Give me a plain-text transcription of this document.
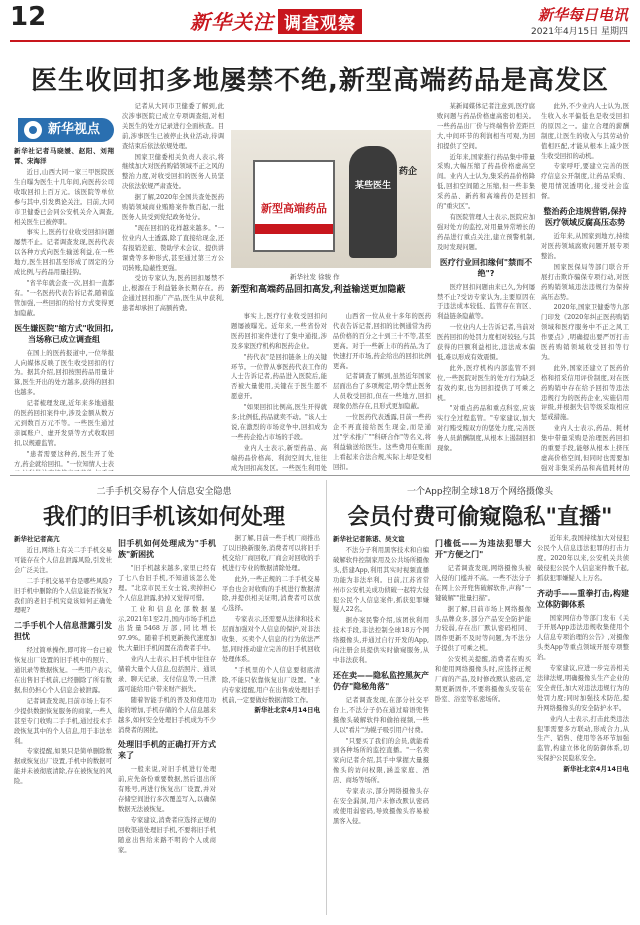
12	新华关注 调查观察	新华每日电讯
2021年4月15日 星期四
医生收回扣多地屡禁不绝,新型高端药品是高发区
新华视点
新华社记者马晓媛、赵阳、刘翔霄、宋海洋

近日,山西大同一家三甲医院医生自曝为医生十几年间,向医药公司收取回扣上百万元。该医院等单位参与其中,引发舆论关注。目前,大同市卫健委已会同公安机关介入调查,相关医生已被停职。

事实上,医药行业收受回扣问题屡禁不止。记者调查发现,医药代表以各种方式向医生输送利益,在一些地方,医生回扣甚至形成了固定的分成比例,与药品用量挂钩。

"省半年就会查一次,回扣一直都有。"一名医药代表告诉记者,随着监管加强,一些回扣的给付方式变得更加隐蔽。

医生嫌医院"缩方式"收回扣,当场称已成立调查组

在国上的医药报道中,一位举报人向媒体反映了医生收受回扣的行为。据其介绍,回扣按照药品用量计算,医生开出的处方越多,获得的回扣也越多。

记者梳理发现,近年来多地通报的医药回扣案件中,涉及金额从数万元到数百万元不等。一些医生通过亲属账户、虚开发票等方式收取回扣,以规避监管。

"患者需要这种药,医生开了处方,药企就给回扣。"一位知情人士表

记者从大同市卫健委了解到,此次涉事医院已成立专项调查组,对相关医生的处方记录进行全面核查。目前,涉事医生已被停止执业活动,待调查结束后依法依规处理。

国家卫健委相关负责人表示,将继续加大对医药购销领域不正之风的整治力度,对收受回扣的医务人员坚决依法依规严肃查处。

据了解,2020年全国共查处医药购销领域商业贿赂案件数百起,一批医务人员受到党纪政务处分。

"现在回扣的花样越来越多。"一位业内人士透露,除了直接给现金,还有报销差旅、赞助学术会议、提供讲课费等多种形式,甚至通过第三方公司转账,隐蔽性更强。

受访专家认为,医药回扣屡禁不止,根源在于利益链条长期存在。药企通过回扣推广产品,医生从中获利,患者却承担了高额药费。

新型高端药品
某些医生
药企
新华社发 徐骏 作
新型和高端药品回扣高发,利益输送更加隐蔽

事实上,医疗行业收受回扣问题屡被曝光。近年来,一些省份对医药回扣案件进行了集中通报,涉及多家医疗机构和医药企业。

"药代表"是回扣链条上的关键环节。一位曾从事医药代表工作的人士告诉记者,药品进入医院后,能否被大量使用,关键在于医生愿不愿意开。

"如果回扣比例高,医生开得就多;比例低,药品就卖不动。"该人士说,在激烈的市场竞争中,回扣成为一些药企抢占市场的手段。

业内人士表示,新型药品、高端药品价格高、利润空间大,往往成为回扣高发区。一些医生利用处

山西省一位从业十多年的医药代表告诉记者,回扣的比例通常为药品价格的百分之十到三十不等,甚至更高。对于一些新上市的药品,为了快速打开市场,药企给出的回扣比例更高。

记者调查了解到,虽然近年国家层面出台了多项规定,明令禁止医务人员收受回扣,但在一些地方,回扣现象仍然存在,且形式更加隐蔽。

一位医药代表透露,目前一些药企不再直接给医生现金,而是通过"学术推广""科研合作"等名义,将利益输送给医生。这些费用在账面上看起来合法合规,实际上却是变相回扣。

某新闻媒体记者注意到,医疗腐败问题与药品价格虚高密切相关。一些药品出厂价与终端售价差距巨大,中间环节的利润相当可观,为回扣提供了空间。

近年来,国家推行药品集中带量采购,大幅压缩了药品价格虚高空间。业内人士认为,集采药品价格降低,回扣空间随之压缩,但一些非集采药品、新药和高端药仍是回扣的"重灾区"。

有医院管理人士表示,医院应加强对处方的监控,对用量异常增长的药品进行重点关注,建立预警机制,及时发现问题。

医疗行业回扣缘何"禁而不绝"?

医疗回扣问题由来已久,为何屡禁不止?受访专家认为,主要原因在于违法成本较低、监管存在盲区、利益链条隐蔽等。

一位业内人士告诉记者,当前对医药回扣的处罚力度相对较轻,与其获得的巨额利益相比,违法成本偏低,难以形成有效震慑。

此外,医疗机构内部监管不到位,一些医院对医生的处方行为缺乏有效约束,也为回扣提供了可乘之机。

"对重点药品和重点科室,应该实行全过程监管。"专家建议,加大对行贿受贿双方的惩处力度,完善医务人员薪酬制度,从根本上遏制回扣现象。

此外,不少业内人士认为,医生收入水平偏低也是收受回扣的原因之一。建立合理的薪酬制度,让医生的收入与其劳动价值相匹配,才能从根本上减少医生收受回扣的动机。

专家呼吁,要建立完善的医疗信息公开制度,让药品采购、使用情况透明化,接受社会监督。

整治药企违规营销,保持医疗领域反腐高压态势

近年来,从国家到地方,持续对医药领域腐败问题开展专项整治。

国家医保局等部门联合开展打击欺诈骗保专项行动,对医药购销领域违法违规行为保持高压态势。

2020年,国家卫健委等九部门印发《2020年纠正医药购销领域和医疗服务中不正之风工作要点》,明确提出要严厉打击医药购销领域收受回扣等行为。

此外,国家还建立了医药价格和招采信用评价制度,对在医药购销中存在给予回扣等违法违规行为的医药企业,实施信用评级,并根据失信等级采取相应惩戒措施。

业内人士表示,药品、耗材集中带量采购是治理医药回扣的重要手段,能够从根本上挤压虚高价格空间,但同时也需要加强对非集采药品和高值耗材的

二手手机交易存个人信息安全隐患
我们的旧手机该如何处理
新华社记者高亢

近日,网络上有关二手手机交易可能存在个人信息泄露风险,引发社会广泛关注。

二手手机交易平台是哪些风险?旧手机中删除的个人信息能否恢复?我们的老旧手机究竟该如何正确处理呢?

二手手机个人信息泄露引发担忧

经过简单操作,即可将一台已被恢复出厂设置的旧手机中的照片、通讯录等数据恢复。一些用户表示,在出售旧手机前,已经删除了所有数据,但仍担心个人信息会被泄露。

记者调查发现,目前市场上有不少提供数据恢复服务的商家,一些人甚至专门收购二手手机,通过技术手段恢复其中的个人信息,用于非法牟利。

专家提醒,如果只是简单删除数据或恢复出厂设置,手机中的数据可能并未被彻底清除,存在被恢复的风险。

旧手机如何处理成为"手机族"新困扰

"旧手机越来越多,家里已经有了七八台旧手机,不知道该怎么处理。"北京市民王女士说,卖掉担心个人信息泄露,扔掉又觉得可惜。

工业和信息化部数据显示,2021年1至2月,国内市场手机总出货量5468万部,同比增长97.9%。随着手机更新换代速度加快,大量旧手机闲置在消费者手中。

业内人士表示,旧手机中往往存储着大量个人信息,包括照片、通讯录、聊天记录、支付信息等,一旦泄露可能给用户带来财产损失。

随着智能手机的普及和使用功能的增加,手机存储的个人信息越来越多,如何安全处理旧手机成为不少消费者的困扰。

处理旧手机的正确打开方式来了

一般来说,对旧手机进行处理前,应先备份重要数据,然后退出所有账号,再进行恢复出厂设置,并对存储空间进行多次覆盖写入,以确保数据无法被恢复。

专家建议,消费者应选择正规的回收渠道处理旧手机,不要将旧手机随意出售给来路不明的个人或商家。

据了解,目前一些手机厂商推出了以旧换新服务,消费者可以将旧手机交给厂商回收,厂商会对回收的手机进行专业的数据清除处理。

此外,一些正规的二手手机交易平台也会对收购的手机进行数据清除,并提供相关证明,消费者可以放心选择。

专家表示,还需要从法律和技术层面加强对个人信息的保护,对非法收集、买卖个人信息的行为依法严惩,同时推动建立完善的旧手机回收处理体系。

"手机里的个人信息要彻底清除,不能只依靠恢复出厂设置。"业内专家提醒,用户在出售或处理旧手机前,一定要做好数据清除工作。

新华社北京4月14日电
一个App控制全球18万个网络摄像头
会员付费可偷窥隐私"直播"
新华社记者陈诺、吴文谊

不法分子利用黑客技术和自编破解软件控制家用及公共场所摄像头,搭建App,利用其实时视频直播功能为非法牟利。日前,江苏省常州市公安机关成功侦破一起特大侵犯公民个人信息案件,抓获犯罪嫌疑人22名。

据办案民警介绍,该团伙利用技术手段,非法控制全球18万个网络摄像头,并通过自行开发的App,向注册会员提供实时偷窥服务,从中非法获利。

还在卖——隐私监控黑灰产仍存"隐秘角落"

记者调查发现,在部分社交平台上,不法分子仍在通过暗语兜售摄像头破解软件和偷拍视频,一些人以"看片"为幌子吸引用户付费。

"只要买了我们的会员,就能看到各种场所的监控直播。"一名卖家向记者介绍,其手中掌握大量摄像头的访问权限,涵盖家庭、酒店、商场等场所。

专家表示,部分网络摄像头存在安全漏洞,用户未修改默认密码或使用弱密码,导致摄像头容易被黑客入侵。

门槛低——为违法犯罪大开"方便之门"

记者调查发现,网络摄像头被入侵的门槛并不高。一些不法分子在网上公开兜售破解软件,声称"一键破解""批量扫描"。

据了解,目前市场上网络摄像头品牌众多,部分产品安全防护能力较弱,存在出厂默认密码相同、固件更新不及时等问题,为不法分子提供了可乘之机。

公安机关提醒,消费者在购买和使用网络摄像头时,应选择正规厂商的产品,及时修改默认密码,定期更新固件,不要将摄像头安装在卧室、浴室等私密场所。

近年来,我国持续加大对侵犯公民个人信息违法犯罪的打击力度。2020年以来,公安机关共侦破侵犯公民个人信息案件数千起,抓获犯罪嫌疑人上万名。

齐动手——重拳打击,构建立体防御体系

国家网信办等部门发布《关于开展App违法违规收集使用个人信息专项治理的公告》,对摄像头类App等重点领域开展专项整治。

专家建议,应进一步完善相关法律法规,明确摄像头生产企业的安全责任,加大对违法违规行为的处罚力度;同时加强技术防范,提升网络摄像头的安全防护水平。

业内人士表示,打击此类违法犯罪需要多方联动,形成合力,从生产、销售、使用等各环节加强监管,构建立体化的防御体系,切实保护公民隐私安全。

新华社北京4月14日电
